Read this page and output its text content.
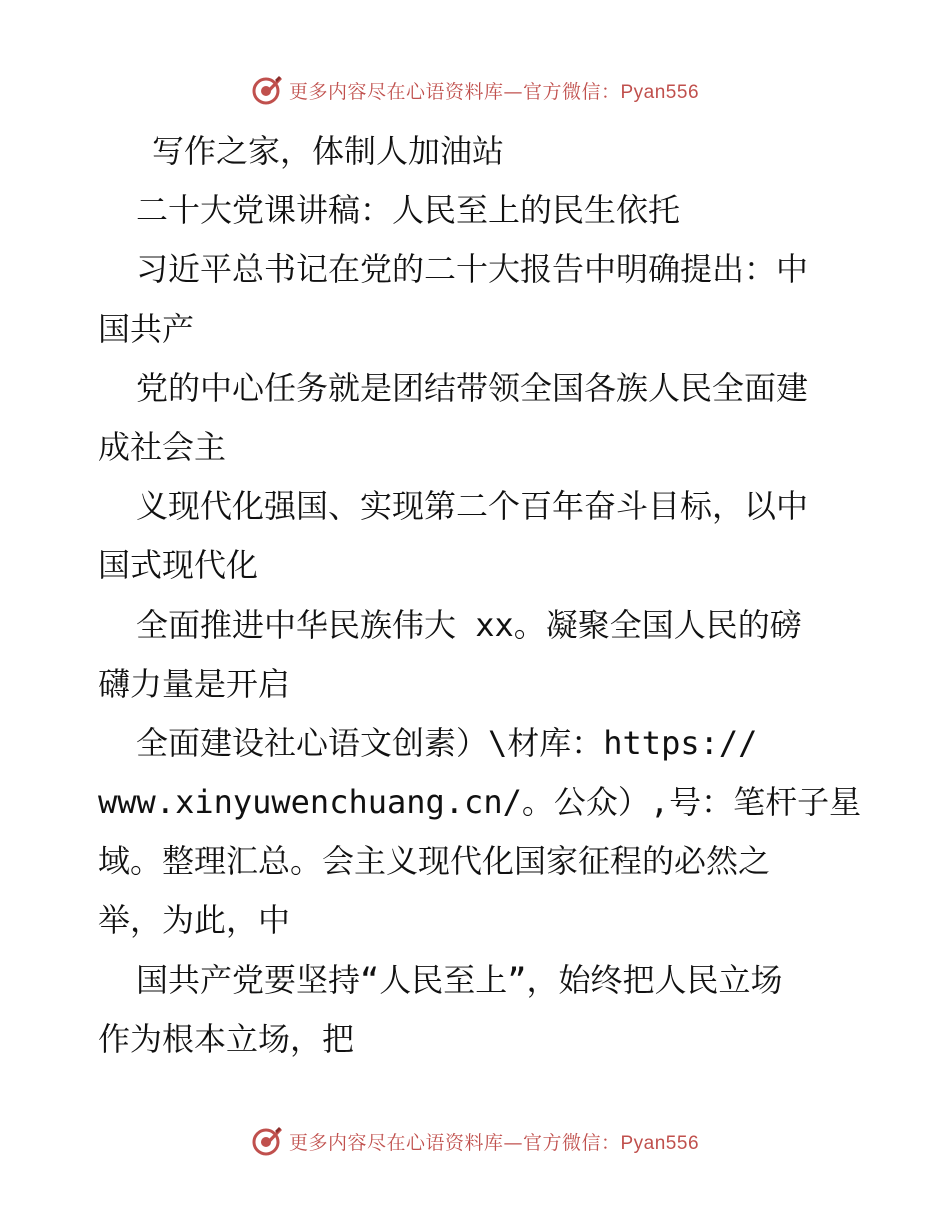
更多内容尽在心语资料库—官方微信：Pyan556
写作之家，体制人加油站
二十大党课讲稿：人民至上的民生依托
习近平总书记在党的二十大报告中明确提出：中
国共产
党的中心任务就是团结带领全国各族人民全面建
成社会主
义现代化强国、实现第二个百年奋斗目标，以中
国式现代化
全面推进中华民族伟大 xx。凝聚全国人民的磅
礴力量是开启
全面建设社心语文创素）\材库：https://
www.xinyuwenchuang.cn/。公众）,号：笔杆子星
域。整理汇总。会主义现代化国家征程的必然之
举，为此，中
国共产党要坚持“人民至上”，始终把人民立场
作为根本立场，把
更多内容尽在心语资料库—官方微信：Pyan556
